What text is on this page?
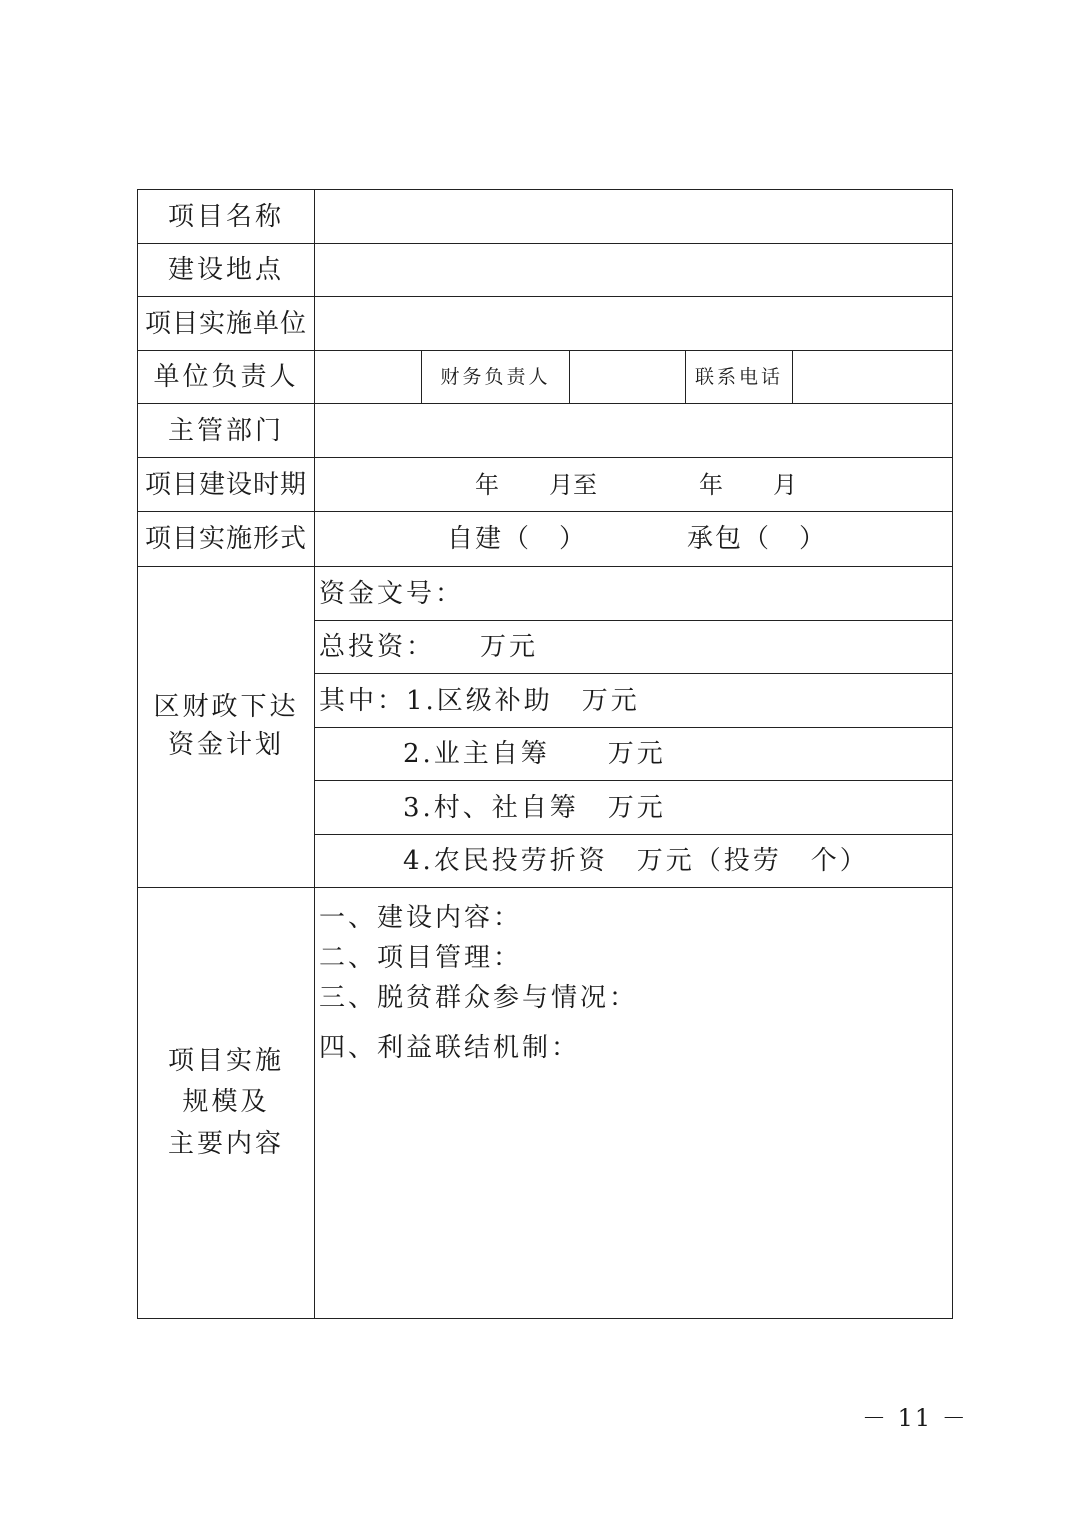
项目名称					
建设地点					
项目实施单位					
单位负责人		财务负责人		联系电话	
主管部门					
项目建设时期	年 月至 年 月				

项目实施形式	自建（　） 承包（　）				

区财政下达
资金计划	资金文号：				
	总投资：　　万元				
	其中：1.区级补助　万元				
	2.业主自筹　　万元				
	3.村、社自筹　万元				
	4.农民投劳折资　万元（投劳　个）				

项目实施
规模及
主要内容	一、建设内容：
二、项目管理：
三、脱贫群众参与情况：
四、利益联结机制：				
－ 11 －
